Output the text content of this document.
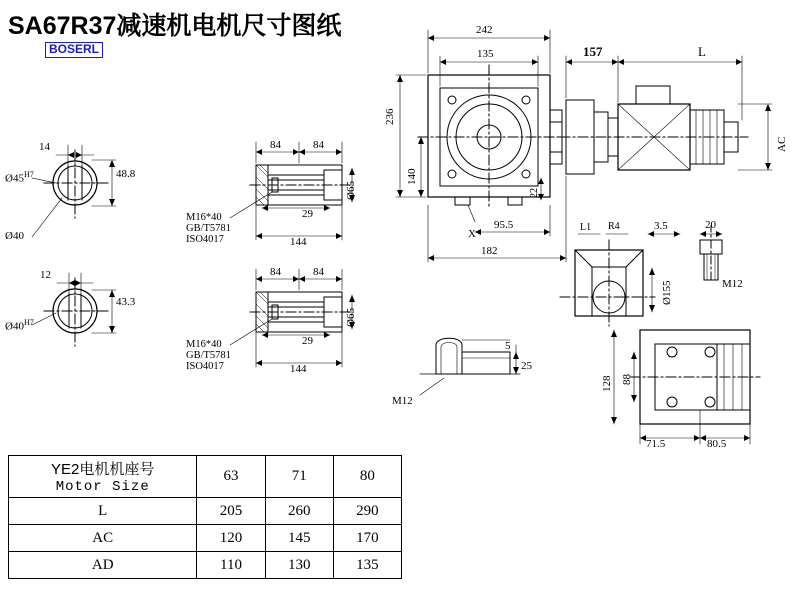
SA67R37减速机电机尺寸图纸
BOSERL
14
$Ø45^{H7}$
Ø40
48.8
12
$Ø40^{H7}$
43.3
84	84
29
144
Ø65
M16*40
GB/T5781
ISO4017
84	84
29
144
Ø65
M16*40
GB/T5781
ISO4017
242
135	157	L
236
140
22
AC
X
95.5
182
L1 R4	3.5	20
Ø155	M12
5
25
M12
128 88
71.5	80.5
YE2电机机座号
Motor Size	63	71	80
L	205	260	290
AC	120	145	170
AD	110	130	135
